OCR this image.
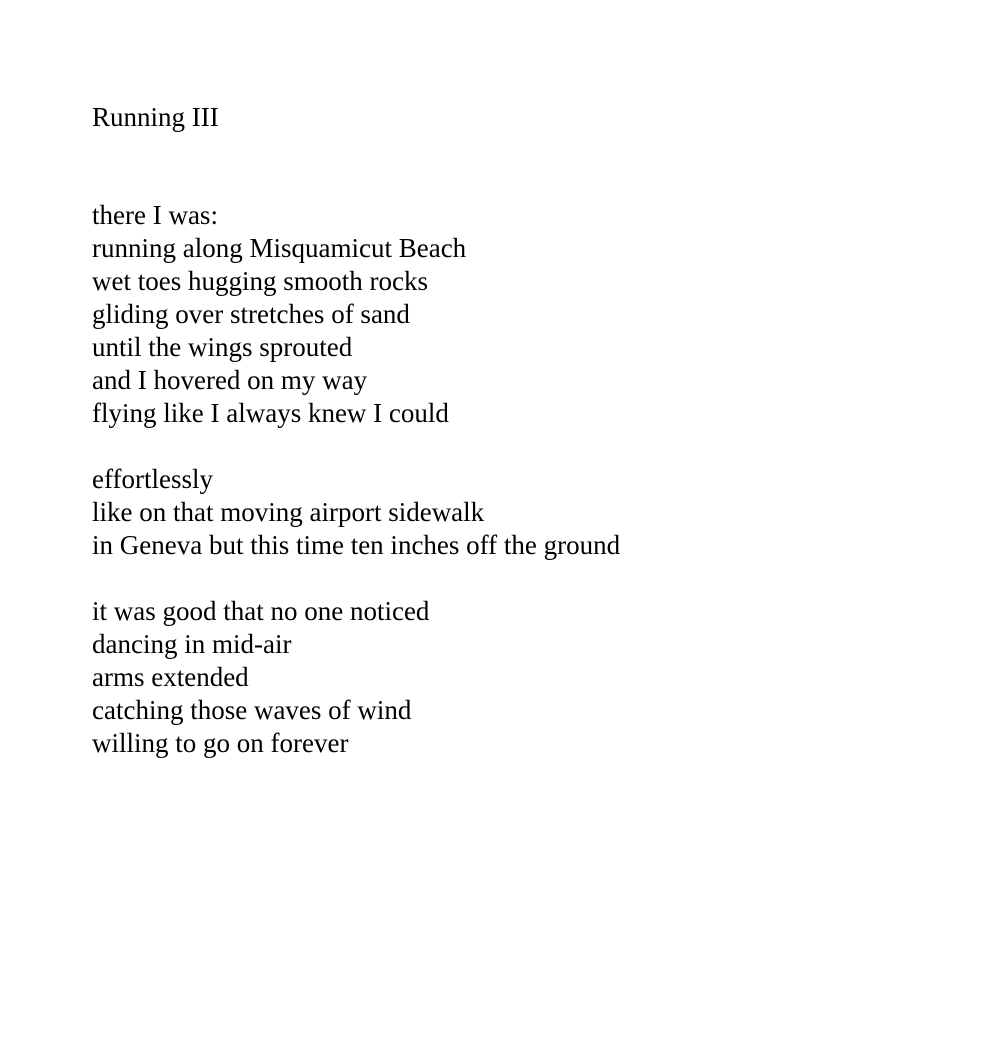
Running III
there I was:
running along Misquamicut Beach
wet toes hugging smooth rocks
gliding over stretches of sand
until the wings sprouted
and I hovered on my way
flying like I always knew I could
effortlessly
like on that moving airport sidewalk
in Geneva but this time ten inches off the ground
it was good that no one noticed
dancing in mid-air
arms extended
catching those waves of wind
willing to go on forever
